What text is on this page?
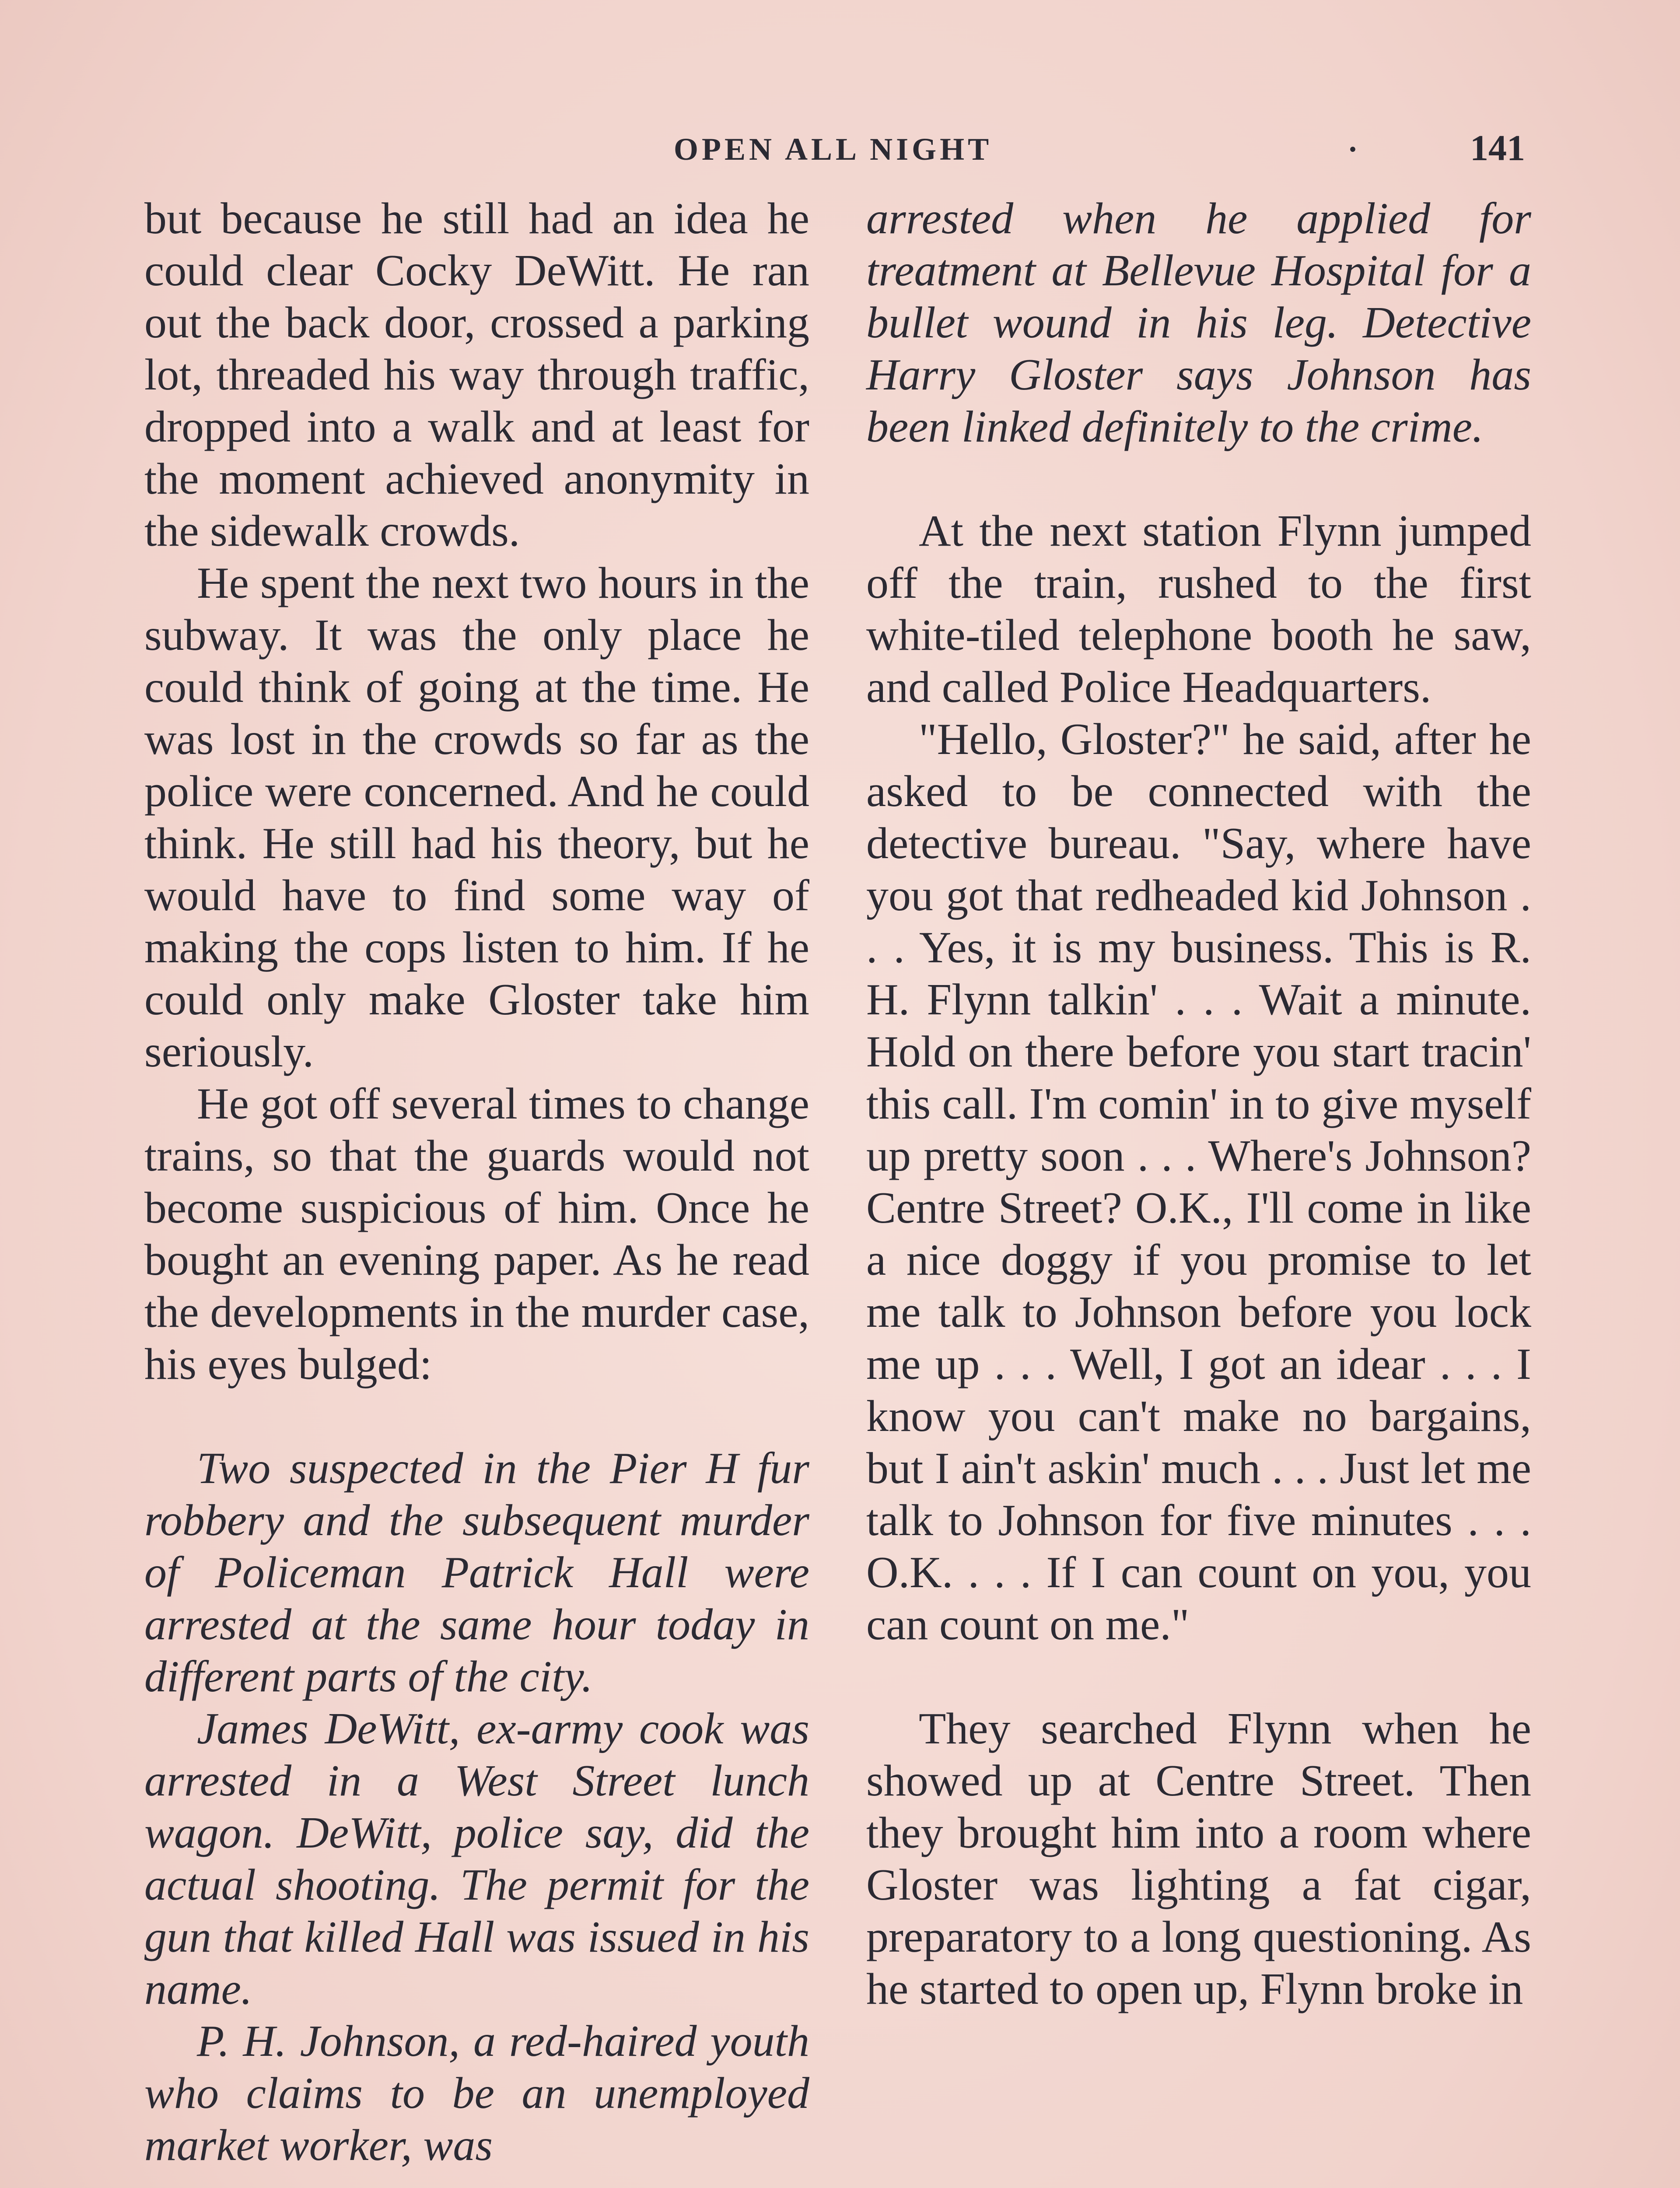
OPEN ALL NIGHT	·	141

but because he still had an idea he could clear Cocky DeWitt. He ran out the back door, crossed a parking lot, threaded his way through traffic, dropped into a walk and at least for the moment achieved anonymity in the sidewalk crowds.

He spent the next two hours in the subway. It was the only place he could think of going at the time. He was lost in the crowds so far as the police were concerned. And he could think. He still had his theory, but he would have to find some way of making the cops listen to him. If he could only make Gloster take him seriously.

He got off several times to change trains, so that the guards would not become suspicious of him. Once he bought an evening paper. As he read the developments in the murder case, his eyes bulged:

Two suspected in the Pier H fur robbery and the subsequent murder of Policeman Patrick Hall were arrested at the same hour today in different parts of the city.

James DeWitt, ex-army cook was arrested in a West Street lunch wagon. DeWitt, police say, did the actual shooting. The permit for the gun that killed Hall was issued in his name.

P. H. Johnson, a red-haired youth who claims to be an unemployed market worker, was

arrested when he applied for treatment at Bellevue Hospital for a bullet wound in his leg. Detective Harry Gloster says Johnson has been linked definitely to the crime.

At the next station Flynn jumped off the train, rushed to the first white-tiled telephone booth he saw, and called Police Headquarters.

"Hello, Gloster?" he said, after he asked to be connected with the detective bureau. "Say, where have you got that redheaded kid Johnson . . . Yes, it is my business. This is R. H. Flynn talkin' . . . Wait a minute. Hold on there before you start tracin' this call. I'm comin' in to give myself up pretty soon . . . Where's Johnson? Centre Street? O.K., I'll come in like a nice doggy if you promise to let me talk to Johnson before you lock me up . . . Well, I got an idear . . . I know you can't make no bargains, but I ain't askin' much . . . Just let me talk to Johnson for five minutes . . . O.K. . . . If I can count on you, you can count on me."

They searched Flynn when he showed up at Centre Street. Then they brought him into a room where Gloster was lighting a fat cigar, preparatory to a long questioning. As he started to open up, Flynn broke in
